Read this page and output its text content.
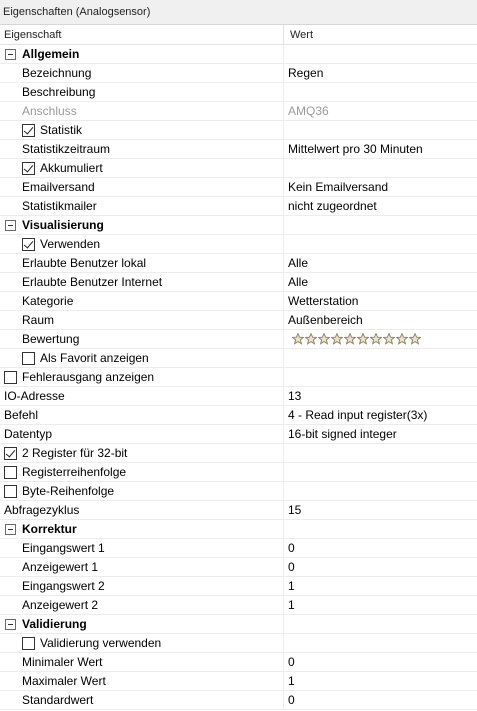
Eigenschaften (Analogsensor)
Eigenschaft	Wert
Allgemein
Bezeichnung	Regen
Beschreibung
Anschluss	AMQ36
Statistik
Statistikzeitraum	Mittelwert pro 30 Minuten
Akkumuliert
Emailversand	Kein Emailversand
Statistikmailer	nicht zugeordnet
Visualisierung
Verwenden
Erlaubte Benutzer lokal	Alle
Erlaubte Benutzer Internet	Alle
Kategorie	Wetterstation
Raum	Außenbereich
Bewertung
Als Favorit anzeigen
Fehlerausgang anzeigen
IO-Adresse	13
Befehl	4 - Read input register(3x)
Datentyp	16-bit signed integer
2 Register für 32-bit
Registerreihenfolge
Byte-Reihenfolge
Abfragezyklus	15
Korrektur
Eingangswert 1	0
Anzeigewert 1	0
Eingangswert 2	1
Anzeigewert 2	1
Validierung
Validierung verwenden
Minimaler Wert	0
Maximaler Wert	1
Standardwert	0
